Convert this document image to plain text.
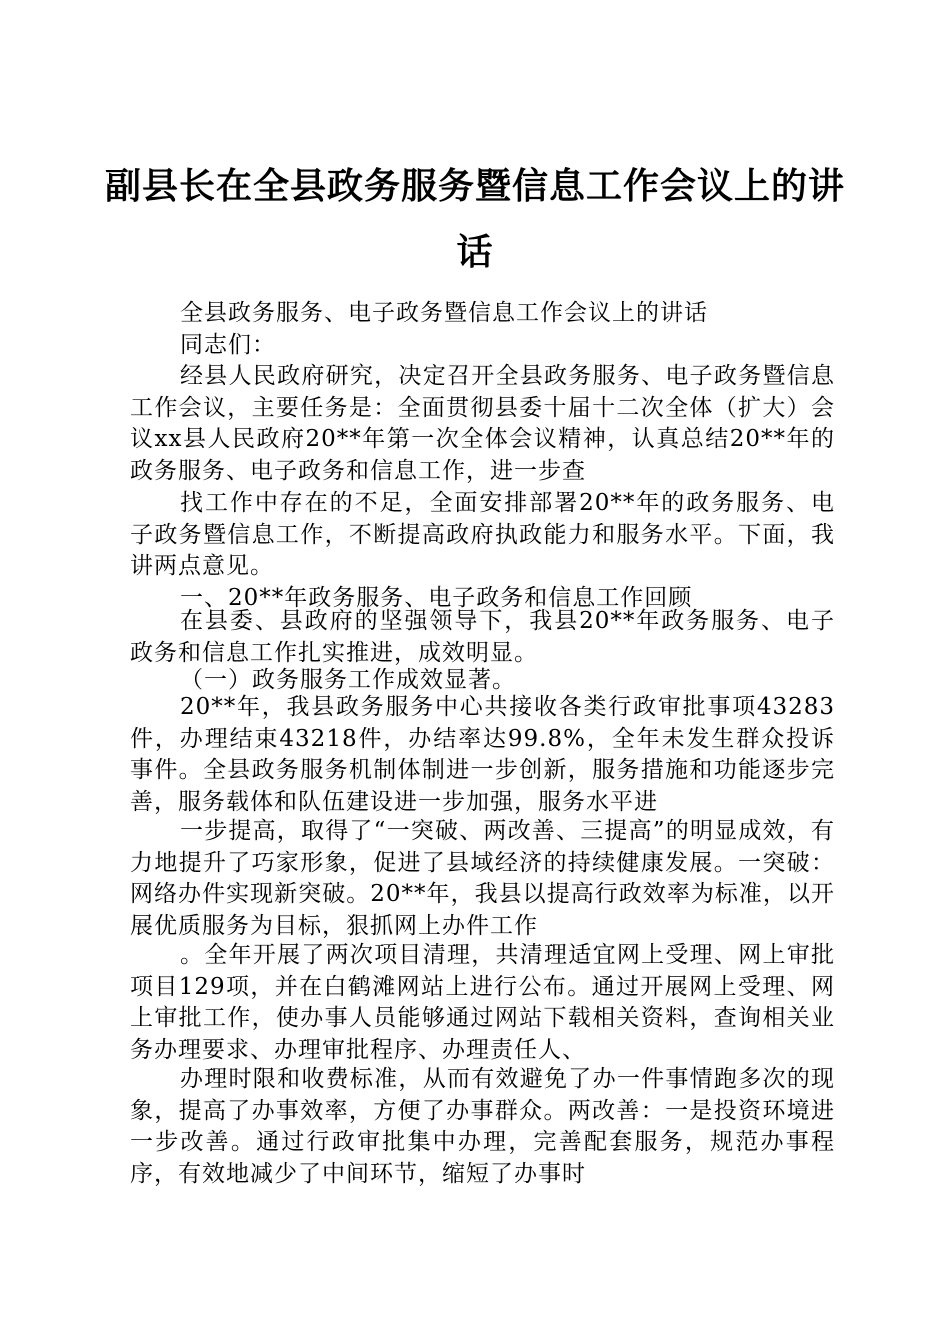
副县长在全县政务服务暨信息工作会议上的讲
话

全县政务服务、电子政务暨信息工作会议上的讲话

同志们：

经县人民政府研究，决定召开全县政务服务、电子政务暨信息工作会议，主要任务是：全面贯彻县委十届十二次全体（扩大）会议xx县人民政府20**年第一次全体会议精神，认真总结20**年的政务服务、电子政务和信息工作，进一步查

找工作中存在的不足，全面安排部署20**年的政务服务、电子政务暨信息工作，不断提高政府执政能力和服务水平。下面，我讲两点意见。

一、20**年政务服务、电子政务和信息工作回顾

在县委、县政府的坚强领导下，我县20**年政务服务、电子政务和信息工作扎实推进，成效明显。

（一）政务服务工作成效显著。

20**年，我县政务服务中心共接收各类行政审批事项43283件，办理结束43218件，办结率达99.8%，全年未发生群众投诉事件。全县政务服务机制体制进一步创新，服务措施和功能逐步完善，服务载体和队伍建设进一步加强，服务水平进

一步提高，取得了“一突破、两改善、三提高”的明显成效，有力地提升了巧家形象，促进了县域经济的持续健康发展。一突破：网络办件实现新突破。20**年，我县以提高行政效率为标准，以开展优质服务为目标，狠抓网上办件工作

。全年开展了两次项目清理，共清理适宜网上受理、网上审批项目129项，并在白鹤滩网站上进行公布。通过开展网上受理、网上审批工作，使办事人员能够通过网站下载相关资料，查询相关业务办理要求、办理审批程序、办理责任人、

办理时限和收费标准，从而有效避免了办一件事情跑多次的现象，提高了办事效率，方便了办事群众。两改善：一是投资环境进一步改善。通过行政审批集中办理，完善配套服务，规范办事程序，有效地减少了中间环节，缩短了办事时
